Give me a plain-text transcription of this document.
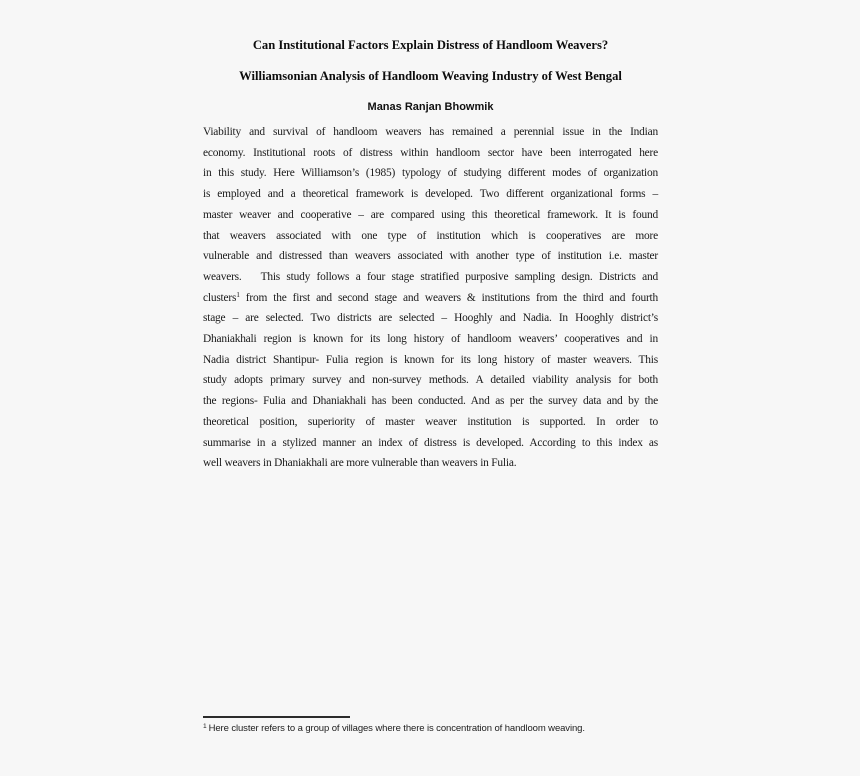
Can Institutional Factors Explain Distress of Handloom Weavers?
Williamsonian Analysis of Handloom Weaving Industry of West Bengal
Manas Ranjan Bhowmik
Viability and survival of handloom weavers has remained a perennial issue in the Indian
economy. Institutional roots of distress within handloom sector have been interrogated here
in this study. Here Williamson’s (1985) typology of studying different modes of organization
is employed and a theoretical framework is developed. Two different organizational forms –
master weaver and cooperative – are compared using this theoretical framework. It is found
that weavers associated with one type of institution which is cooperatives are more
vulnerable and distressed than weavers associated with another type of institution i.e. master
weavers.   This study follows a four stage stratified purposive sampling design. Districts and
clusters$^1$ from the first and second stage and weavers & institutions from the third and fourth
stage – are selected. Two districts are selected – Hooghly and Nadia. In Hooghly district’s
Dhaniakhali region is known for its long history of handloom weavers’ cooperatives and in
Nadia district Shantipur- Fulia region is known for its long history of master weavers. This
study adopts primary survey and non-survey methods. A detailed viability analysis for both
the regions- Fulia and Dhaniakhali has been conducted. And as per the survey data and by the
theoretical position, superiority of master weaver institution is supported. In order to
summarise in a stylized manner an index of distress is developed. According to this index as
well weavers in Dhaniakhali are more vulnerable than weavers in Fulia.
$^1$ Here cluster refers to a group of villages where there is concentration of handloom weaving.
